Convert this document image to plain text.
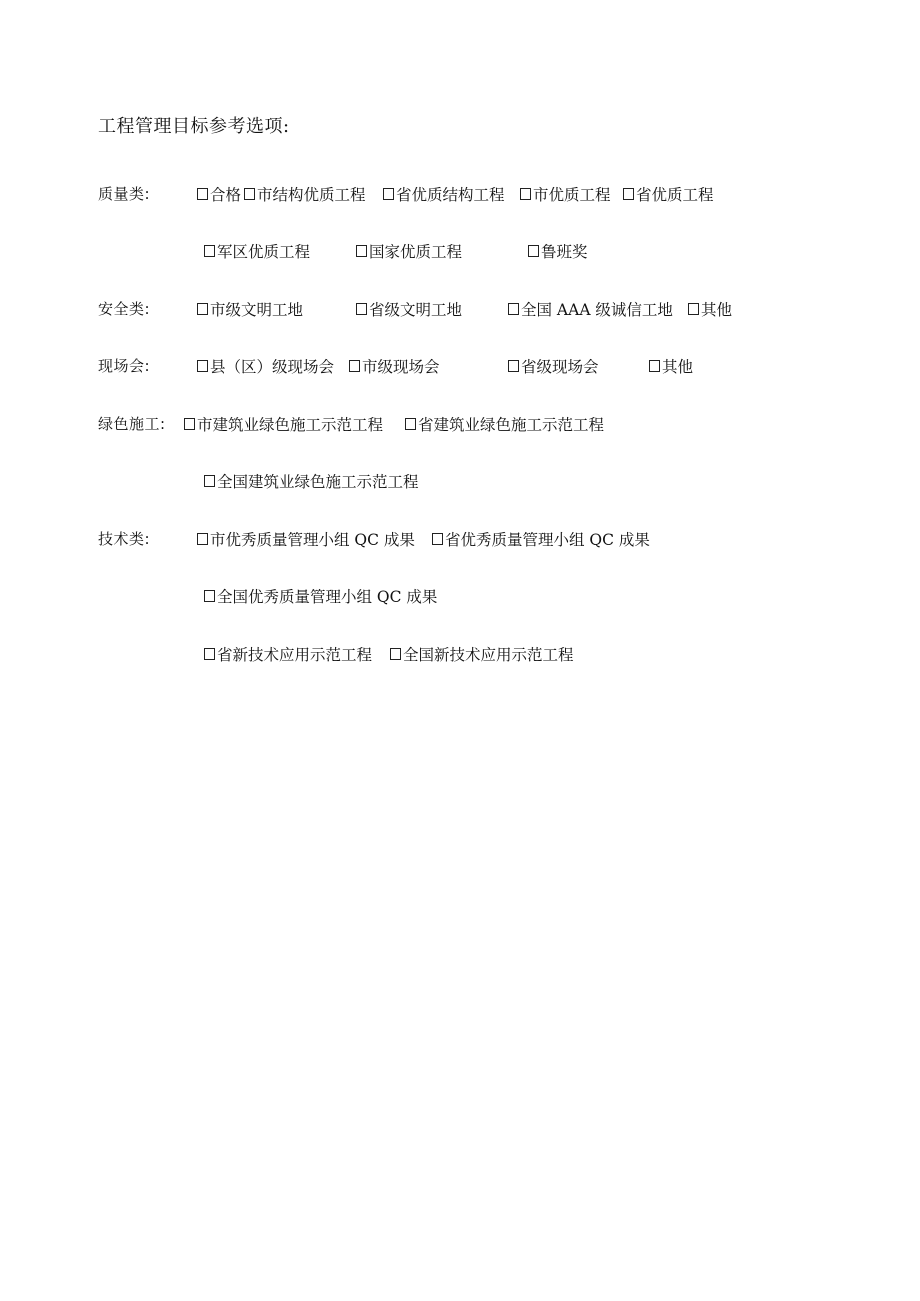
工程管理目标参考选项:
质量类:	合格 市结构优质工程 省优质结构工程 市优质工程 省优质工程
军区优质工程	国家优质工程	鲁班奖
安全类:	市级文明工地	省级文明工地	全国 AAA 级诚信工地 其他
现场会:	县（区）级现场会 市级现场会	省级现场会	其他
绿色施工: 市建筑业绿色施工示范工程 省建筑业绿色施工示范工程
全国建筑业绿色施工示范工程
技术类:	市优秀质量管理小组 QC 成果 省优秀质量管理小组 QC 成果
全国优秀质量管理小组 QC 成果
省新技术应用示范工程 全国新技术应用示范工程
